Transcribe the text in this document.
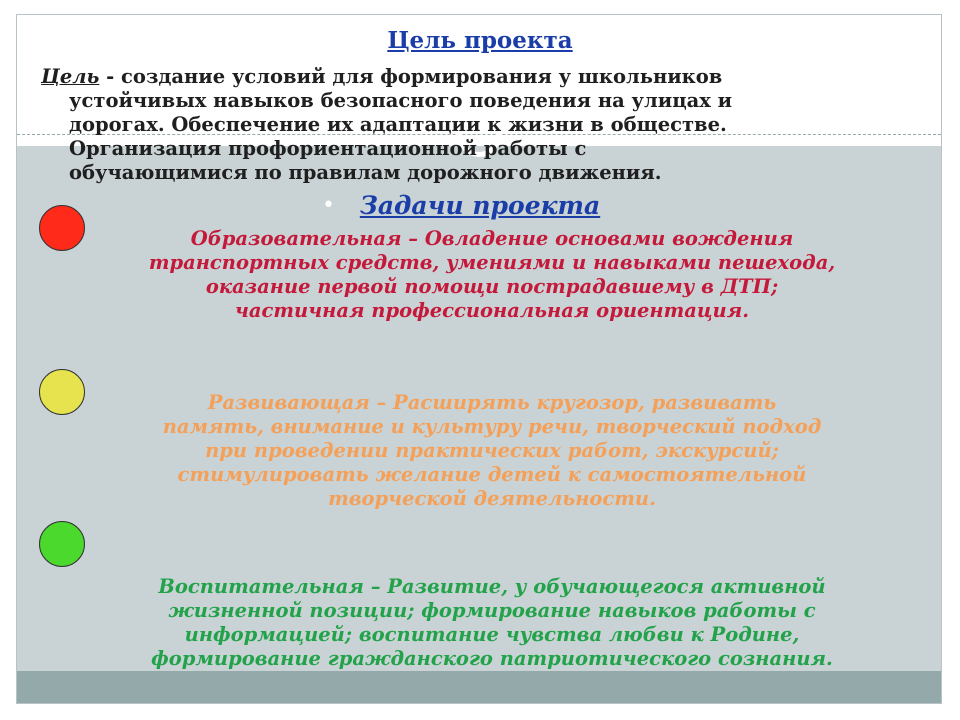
Цель проекта
Цель - создание условий для формирования у школьников
устойчивых навыков безопасного поведения на улицах и
дорогах. Обеспечение их адаптации к жизни в обществе.
Организация профориентационной работы с
обучающимися по правилам дорожного движения.
• Задачи проекта
Образовательная – Овладение основами вождения
транспортных средств, умениями и навыками пешехода,
оказание первой помощи пострадавшему в ДТП;
частичная профессиональная ориентация.
Развивающая – Расширять кругозор, развивать
память, внимание и культуру речи, творческий подход
при проведении практических работ, экскурсий;
стимулировать желание детей к самостоятельной
творческой деятельности.
Воспитательная – Развитие, у обучающегося активной
жизненной позиции; формирование навыков работы с
информацией; воспитание чувства любви к Родине,
формирование гражданского патриотического сознания.
